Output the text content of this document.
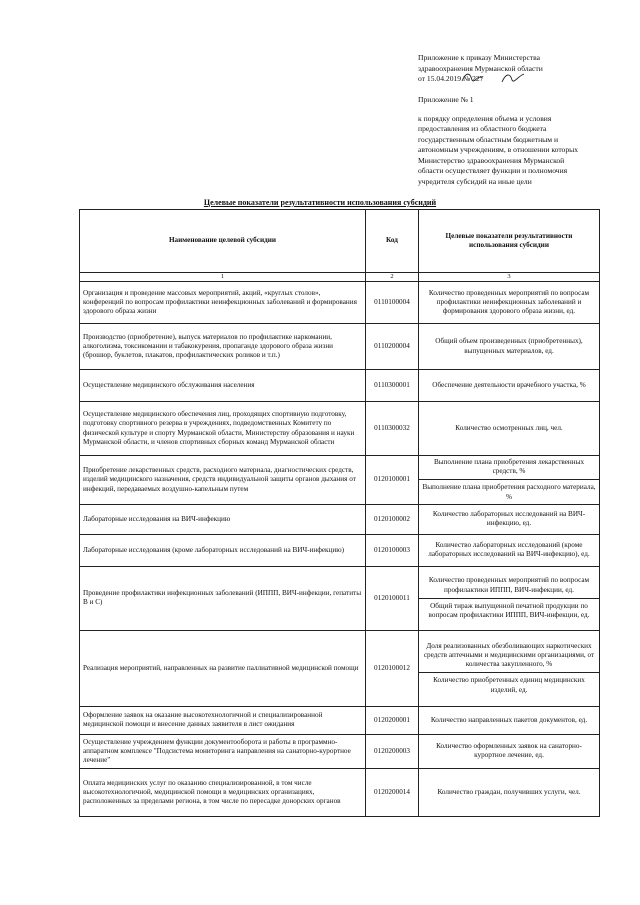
Приложение к приказу Министерства
здравоохранения Мурманской области
от 15.04.2019 № 227
Приложение № 1
к порядку определения объема и условия
предоставления из областного бюджета
государственным областным бюджетным и
автономным учреждениям, в отношении которых
Министерство здравоохранения Мурманской
области осуществляет функции и полномочия
учредителя субсидий на иные цели
Целевые показатели результативности использования субсидий
Наименование целевой субсидии	Код	Целевые показатели результативности использования субсидии
1	2	3
Организация и проведение массовых мероприятий, акций, «круглых столов», конференций по вопросам профилактики неинфекционных заболеваний и формирования здорового образа жизни	0110100004	Количество проведенных мероприятий по вопросам профилактики неинфекционных заболеваний и формирования здорового образа жизни, ед.
Производство (приобретение), выпуск материалов по профилактике наркомании, алкоголизма, токсикомании и табакокурения, пропаганде здорового образа жизни (брошюр, буклетов, плакатов, профилактических роликов и т.п.)	0110200004	Общий объем произведенных (приобретенных), выпущенных материалов, ед.
Осуществление медицинского обслуживания населения	0110300001	Обеспечение деятельности врачебного участка, %
Осуществление медицинского обеспечения лиц, проходящих спортивную подготовку, подготовку спортивного резерва в учреждениях, подведомственных Комитету по физической культуре и спорту Мурманской области, Министерству образования и науки Мурманской области, и членов спортивных сборных команд Мурманской области	0110300032	Количество осмотренных лиц, чел.
Приобретение лекарственных средств, расходного материала, диагностических средств, изделий медицинского назначения, средств индивидуальной защиты органов дыхания от инфекций, передаваемых воздушно-капельным путем	0120100001	Выполнение плана приобретения лекарственных средств, %
Выполнение плана приобретения расходного материала, %

Лабораторные исследования на ВИЧ-инфекцию	0120100002	Количество лабораторных исследований на ВИЧ-инфекцию, ед.
Лабораторные исследования (кроме лабораторных исследований на ВИЧ-инфекцию)	0120100003	Количество лабораторных исследований (кроме лабораторных исследований на ВИЧ-инфекцию), ед.
Проведение профилактики инфекционных заболеваний (ИППП, ВИЧ-инфекции, гепатиты В и С)	0120100011	Количество проведенных мероприятий по вопросам профилактики ИППП, ВИЧ-инфекции, ед.
Общий тираж выпущенной печатной продукции по вопросам профилактики ИППП, ВИЧ-инфекции, ед.

Реализация мероприятий, направленных на развитие паллиативной медицинской помощи	0120100012	Доля реализованных обезболивающих наркотических средств аптечными и медицинскими организациями, от количества закупленного, %
Количество приобретенных единиц медицинских изделий, ед.

Оформление заявок на оказание высокотехнологичной и специализированной медицинской помощи и внесение данных заявителя в лист ожидания	0120200001	Количество направленных пакетов документов, ед.
Осуществление учреждением функции документооборота и работы в программно-аппаратном комплексе "Подсистема мониторинга направления на санаторно-курортное лечение"	0120200003	Количество оформленных заявок на санаторно-курортное лечение, ед.
Оплата медицинских услуг по оказанию специализированной, в том числе высокотехнологичной, медицинской помощи в медицинских организациях, расположенных за пределами региона, в том числе по пересадке донорских органов	0120200014	Количество граждан, получивших услуги, чел.
